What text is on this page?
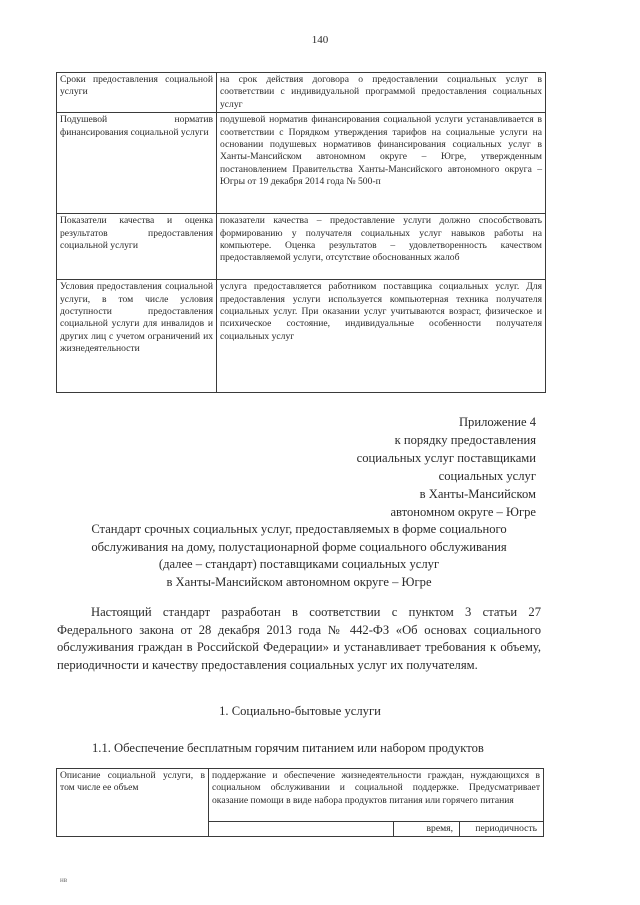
140
Сроки предоставления социальной услуги	на срок действия договора о предоставлении социальных услуг в соответствии с индивидуальной программой предоставления социальных услуг
Подушевой норматив финансирования социальной услуги	подушевой норматив финансирования социальной услуги устанавливается в соответствии с Порядком утверждения тарифов на социальные услуги на основании подушевых нормативов финансирования социальных услуг в Ханты-Мансийском автономном округе – Югре, утвержденным постановлением Правительства Ханты-Мансийского автономного округа – Югры от 19 декабря 2014 года № 500-п
Показатели качества и оценка результатов предоставления социальной услуги	показатели качества – предоставление услуги должно способствовать формированию у получателя социальных услуг навыков работы на компьютере. Оценка результатов – удовлетворенность качеством предоставляемой услуги, отсутствие обоснованных жалоб
Условия предоставления социальной услуги, в том числе условия доступности предоставления социальной услуги для инвалидов и других лиц с учетом ограничений их жизнедеятельности	услуга предоставляется работником поставщика социальных услуг. Для предоставления услуги используется компьютерная техника получателя социальных услуг. При оказании услуг учитываются возраст, физическое и психическое состояние, индивидуальные особенности получателя социальных услуг
Приложение 4
к порядку предоставления
социальных услуг поставщиками
социальных услуг
в Ханты-Мансийском
автономном округе – Югре
Стандарт срочных социальных услуг, предоставляемых в форме социального
обслуживания на дому, полустационарной форме социального обслуживания
(далее – стандарт) поставщиками социальных услуг
в Ханты-Мансийском автономном округе – Югре

Настоящий стандарт разработан в соответствии с пунктом 3 статьи 27 Федерального закона от 28 декабря 2013 года № 442-ФЗ «Об основах социального обслуживания граждан в Российской Федерации» и устанавливает требования к объему, периодичности и качеству предоставления социальных услуг их получателям.

1. Социально-бытовые услуги
1.1. Обеспечение бесплатным горячим питанием или набором продуктов
Описание социальной услуги, в том числе ее объем	поддержание и обеспечение жизнедеятельности граждан, нуждающихся в социальном обслуживании и социальной поддержке. Предусматривает оказание помощи в виде набора продуктов питания или горячего питания		
		время,	периодичность
нв
